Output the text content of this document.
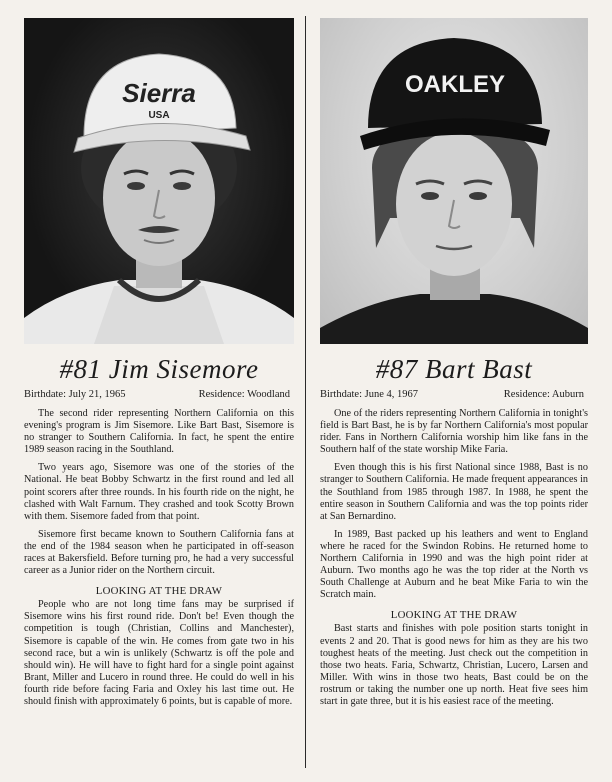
Sierra
USA
#81 Jim Sisemore
Birthdate: July 21, 1965	Residence: Woodland

The second rider representing Northern California on this evening's program is Jim Sisemore. Like Bart Bast, Sisemore is no stranger to Southern California. In fact, he spent the entire 1989 season racing in the Southland.

Two years ago, Sisemore was one of the stories of the National. He beat Bobby Schwartz in the first round and led all point scorers after three rounds. In his fourth ride on the night, he clashed with Walt Farnum. They crashed and took Scotty Brown with them. Sisemore faded from that point.

Sisemore first became known to Southern California fans at the end of the 1984 season when he participated in off-season races at Bakersfield. Before turning pro, he had a very successful career as a Junior rider on the Northern circuit.

LOOKING AT THE DRAW

People who are not long time fans may be surprised if Sisemore wins his first round ride. Don't be! Even though the competition is tough (Christian, Collins and Manchester), Sisemore is capable of the win. He comes from gate two in his second race, but a win is unlikely (Schwartz is off the pole and should win). He will have to fight hard for a single point against Brant, Miller and Lucero in round three. He could do well in his fourth ride before facing Faria and Oxley his last time out. He should finish with approximately 6 points, but is capable of more.

OAKLEY
#87 Bart Bast
Birthdate: June 4, 1967	Residence: Auburn

One of the riders representing Northern California in tonight's field is Bart Bast, he is by far Northern California's most popular rider. Fans in Northern California worship him like fans in the Southern half of the state worship Mike Faria.

Even though this is his first National since 1988, Bast is no stranger to Southern California. He made frequent appearances in the Southland from 1985 through 1987. In 1988, he spent the entire season in Southern California and was the top points rider at San Bernardino.

In 1989, Bast packed up his leathers and went to England where he raced for the Swindon Robins. He returned home to Northern California in 1990 and was the high point rider at Auburn. Two months ago he was the top rider at the North vs South Challenge at Auburn and he beat Mike Faria to win the Scratch main.

LOOKING AT THE DRAW

Bast starts and finishes with pole position starts tonight in events 2 and 20. That is good news for him as they are his two toughest heats of the meeting. Just check out the competition in those two heats. Faria, Schwartz, Christian, Lucero, Larsen and Miller. With wins in those two heats, Bast could be on the rostrum or taking the number one up north. Heat five sees him start in gate three, but it is his easiest race of the meeting.
